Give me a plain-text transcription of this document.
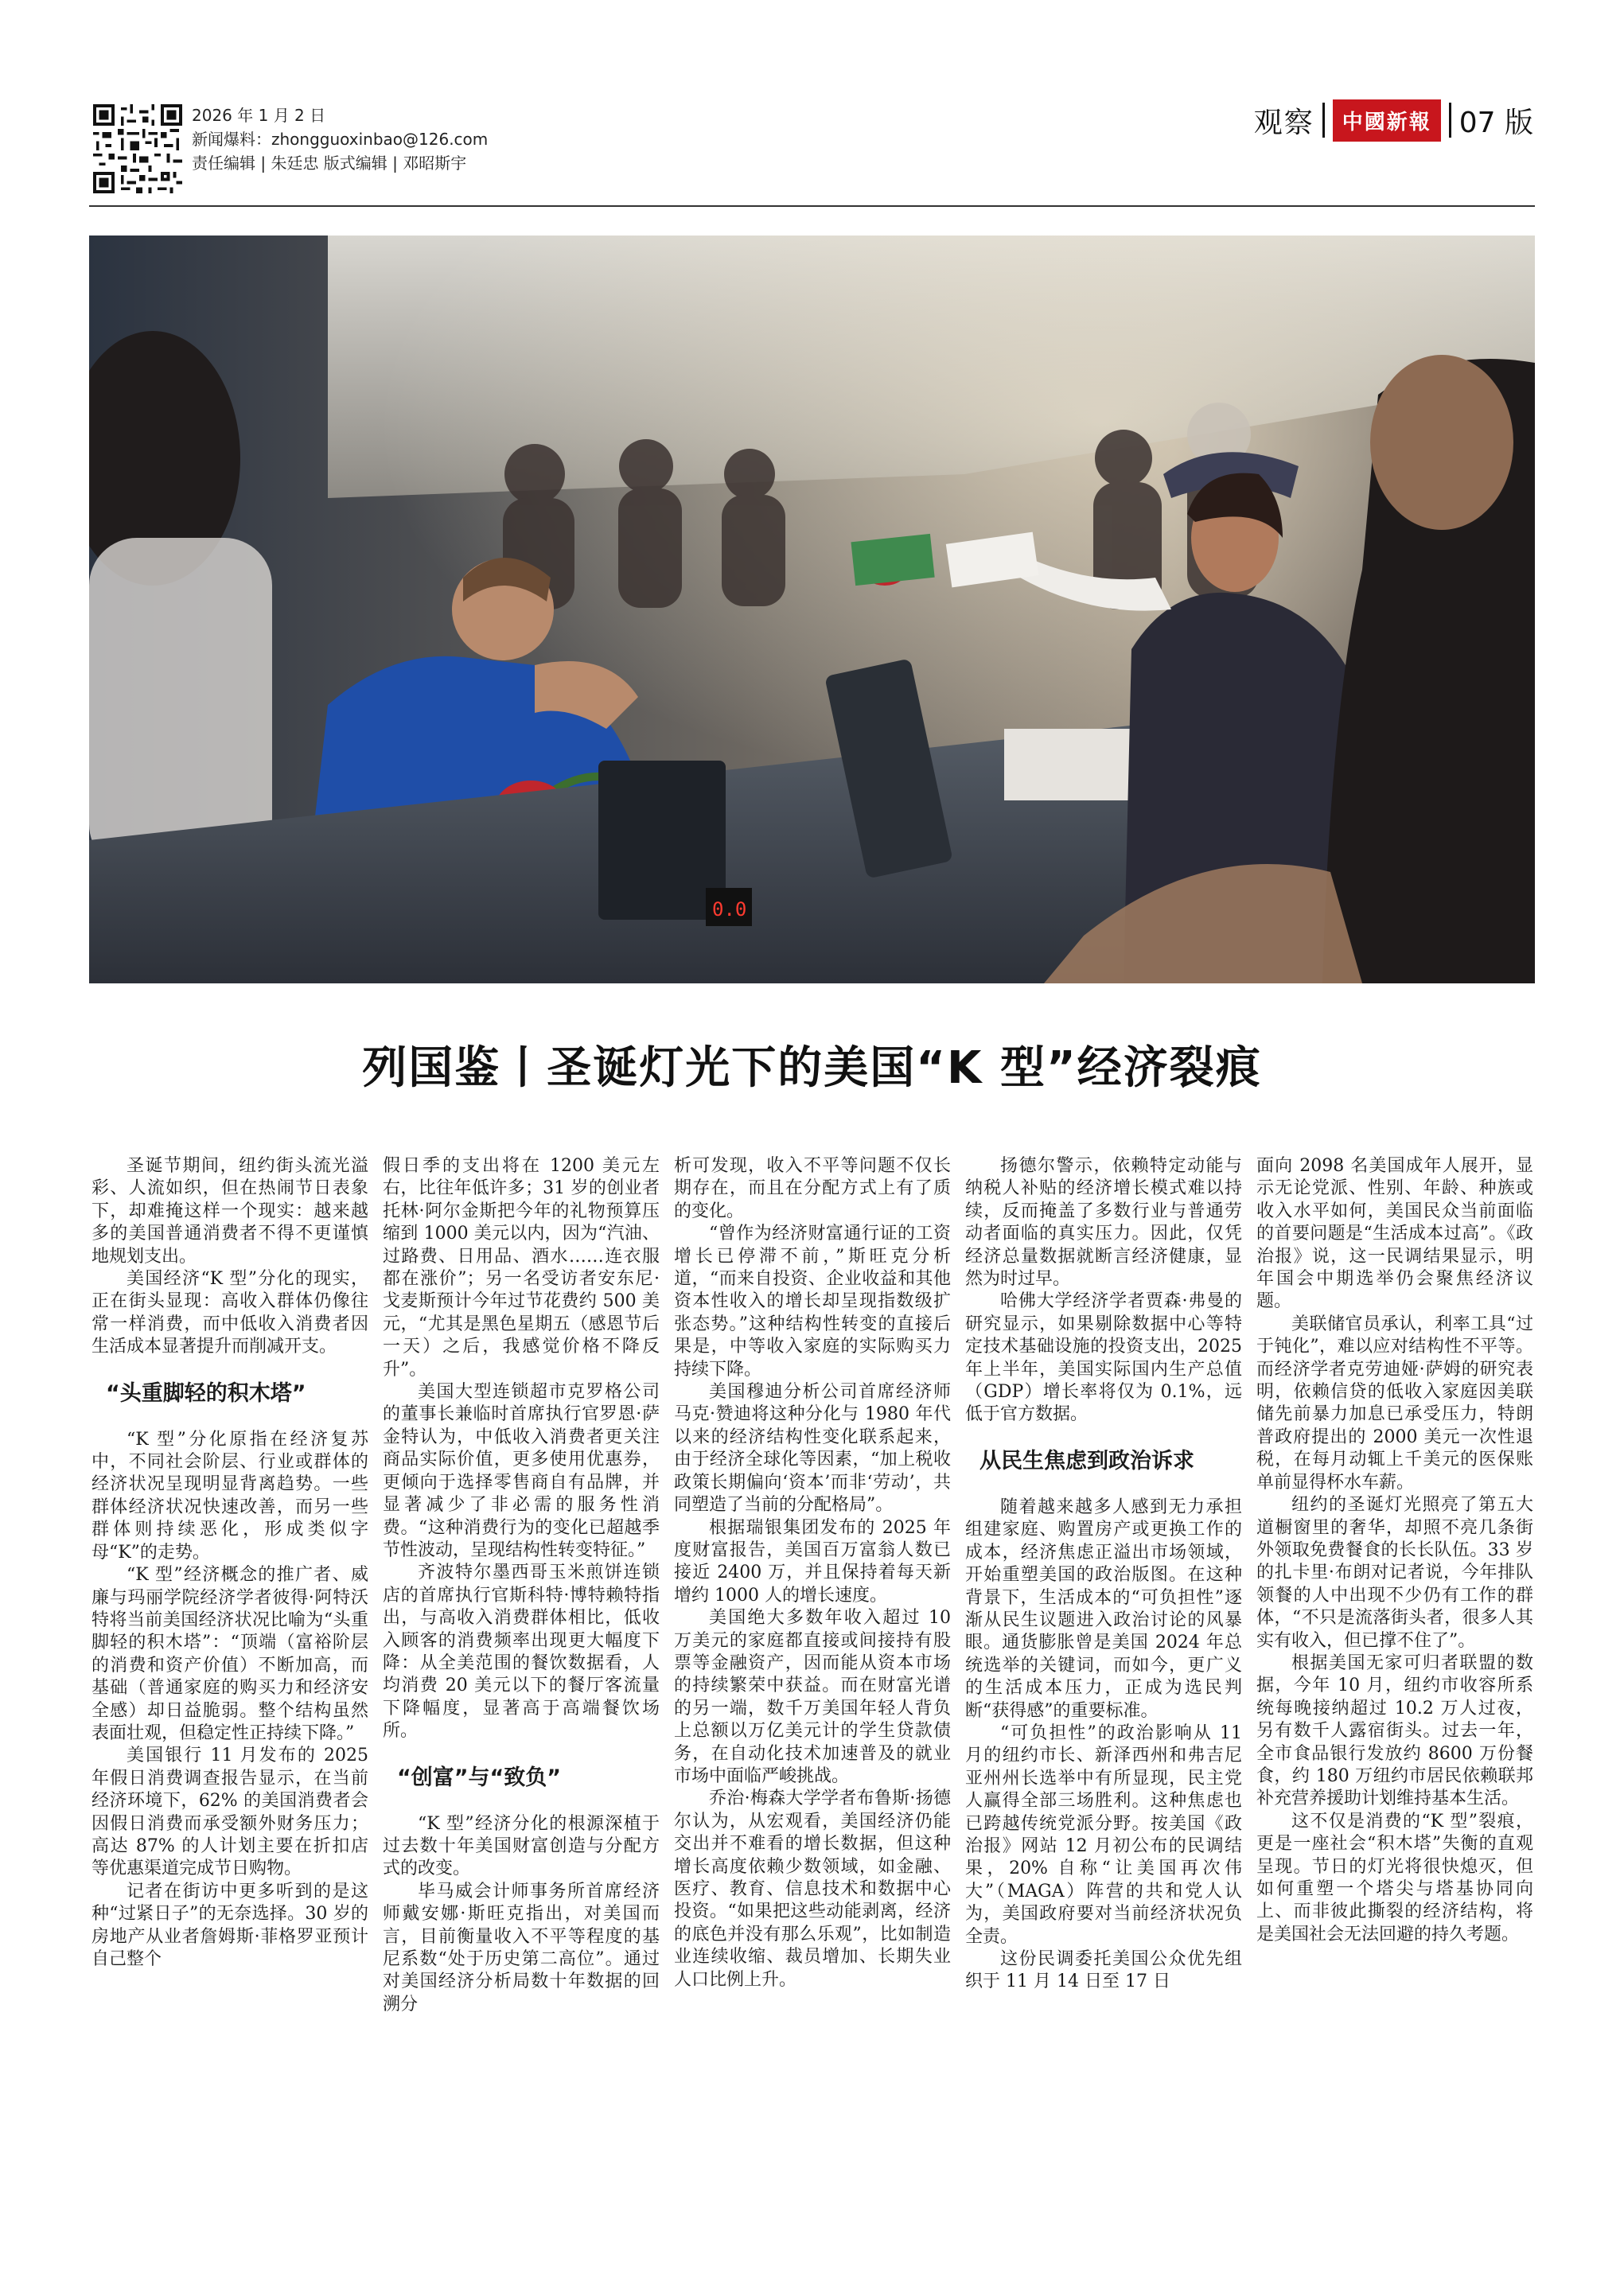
2026 年 1 月 2 日
新闻爆料：zhongguoxinbao@126.com
责任编辑 | 朱廷忠 版式编辑 | 邓昭斯宇
观察	中國新報 07 版
0.0
列国鉴丨圣诞灯光下的美国“K 型”经济裂痕

圣诞节期间，纽约街头流光溢彩、人流如织，但在热闹节日表象下，却难掩这样一个现实：越来越多的美国普通消费者不得不更谨慎地规划支出。

美国经济“K 型”分化的现实，正在街头显现：高收入群体仍像往常一样消费，而中低收入消费者因生活成本显著提升而削减开支。

“头重脚轻的积木塔”

“K 型”分化原指在经济复苏中，不同社会阶层、行业或群体的经济状况呈现明显背离趋势。一些群体经济状况快速改善，而另一些群体则持续恶化，形成类似字母“K”的走势。

“K 型”经济概念的推广者、威廉与玛丽学院经济学者彼得·阿特沃特将当前美国经济状况比喻为“头重脚轻的积木塔”：“顶端（富裕阶层的消费和资产价值）不断加高，而基础（普通家庭的购买力和经济安全感）却日益脆弱。整个结构虽然表面壮观，但稳定性正持续下降。”

美国银行 11 月发布的 2025 年假日消费调查报告显示，在当前经济环境下，62% 的美国消费者会因假日消费而承受额外财务压力；高达 87% 的人计划主要在折扣店等优惠渠道完成节日购物。

记者在街访中更多听到的是这种“过紧日子”的无奈选择。30 岁的房地产从业者詹姆斯·菲格罗亚预计自己整个

假日季的支出将在 1200 美元左右，比往年低许多；31 岁的创业者托林·阿尔金斯把今年的礼物预算压缩到 1000 美元以内，因为“汽油、过路费、日用品、酒水……连衣服都在涨价”；另一名受访者安东尼·戈麦斯预计今年过节花费约 500 美元，“尤其是黑色星期五（感恩节后一天）之后，我感觉价格不降反升”。

美国大型连锁超市克罗格公司的董事长兼临时首席执行官罗恩·萨金特认为，中低收入消费者更关注商品实际价值，更多使用优惠券，更倾向于选择零售商自有品牌，并显著减少了非必需的服务性消费。“这种消费行为的变化已超越季节性波动，呈现结构性转变特征。”

齐波特尔墨西哥玉米煎饼连锁店的首席执行官斯科特·博特赖特指出，与高收入消费群体相比，低收入顾客的消费频率出现更大幅度下降：从全美范围的餐饮数据看，人均消费 20 美元以下的餐厅客流量下降幅度，显著高于高端餐饮场所。

“创富”与“致负”

“K 型”经济分化的根源深植于过去数十年美国财富创造与分配方式的改变。

毕马威会计师事务所首席经济师戴安娜·斯旺克指出，对美国而言，目前衡量收入不平等程度的基尼系数“处于历史第二高位”。通过对美国经济分析局数十年数据的回溯分

析可发现，收入不平等问题不仅长期存在，而且在分配方式上有了质的变化。

“曾作为经济财富通行证的工资增长已停滞不前，”斯旺克分析道，“而来自投资、企业收益和其他资本性收入的增长却呈现指数级扩张态势。”这种结构性转变的直接后果是，中等收入家庭的实际购买力持续下降。

美国穆迪分析公司首席经济师马克·赞迪将这种分化与 1980 年代以来的经济结构性变化联系起来，由于经济全球化等因素，“加上税收政策长期偏向‘资本’而非‘劳动’，共同塑造了当前的分配格局”。

根据瑞银集团发布的 2025 年度财富报告，美国百万富翁人数已接近 2400 万，并且保持着每天新增约 1000 人的增长速度。

美国绝大多数年收入超过 10 万美元的家庭都直接或间接持有股票等金融资产，因而能从资本市场的持续繁荣中获益。而在财富光谱的另一端，数千万美国年轻人背负上总额以万亿美元计的学生贷款债务，在自动化技术加速普及的就业市场中面临严峻挑战。

乔治·梅森大学学者布鲁斯·扬德尔认为，从宏观看，美国经济仍能交出并不难看的增长数据，但这种增长高度依赖少数领域，如金融、医疗、教育、信息技术和数据中心投资。“如果把这些动能剥离，经济的底色并没有那么乐观”，比如制造业连续收缩、裁员增加、长期失业人口比例上升。

扬德尔警示，依赖特定动能与纳税人补贴的经济增长模式难以持续，反而掩盖了多数行业与普通劳动者面临的真实压力。因此，仅凭经济总量数据就断言经济健康，显然为时过早。

哈佛大学经济学者贾森·弗曼的研究显示，如果剔除数据中心等特定技术基础设施的投资支出，2025 年上半年，美国实际国内生产总值（GDP）增长率将仅为 0.1%，远低于官方数据。

从民生焦虑到政治诉求

随着越来越多人感到无力承担组建家庭、购置房产或更换工作的成本，经济焦虑正溢出市场领域，开始重塑美国的政治版图。在这种背景下，生活成本的“可负担性”逐渐从民生议题进入政治讨论的风暴眼。通货膨胀曾是美国 2024 年总统选举的关键词，而如今，更广义的生活成本压力，正成为选民判断“获得感”的重要标准。

“可负担性”的政治影响从 11 月的纽约市长、新泽西州和弗吉尼亚州州长选举中有所显现，民主党人赢得全部三场胜利。这种焦虑也已跨越传统党派分野。按美国《政治报》网站 12 月初公布的民调结果，20% 自称“让美国再次伟大”（MAGA）阵营的共和党人认为，美国政府要对当前经济状况负全责。

这份民调委托美国公众优先组织于 11 月 14 日至 17 日

面向 2098 名美国成年人展开，显示无论党派、性别、年龄、种族或收入水平如何，美国民众当前面临的首要问题是“生活成本过高”。《政治报》说，这一民调结果显示，明年国会中期选举仍会聚焦经济议题。

美联储官员承认，利率工具“过于钝化”，难以应对结构性不平等。而经济学者克劳迪娅·萨姆的研究表明，依赖信贷的低收入家庭因美联储先前暴力加息已承受压力，特朗普政府提出的 2000 美元一次性退税，在每月动辄上千美元的医保账单前显得杯水车薪。

纽约的圣诞灯光照亮了第五大道橱窗里的奢华，却照不亮几条街外领取免费餐食的长长队伍。33 岁的扎卡里·布朗对记者说，今年排队领餐的人中出现不少仍有工作的群体，“不只是流落街头者，很多人其实有收入，但已撑不住了”。

根据美国无家可归者联盟的数据，今年 10 月，纽约市收容所系统每晚接纳超过 10.2 万人过夜，另有数千人露宿街头。过去一年，全市食品银行发放约 8600 万份餐食，约 180 万纽约市居民依赖联邦补充营养援助计划维持基本生活。

这不仅是消费的“K 型”裂痕，更是一座社会“积木塔”失衡的直观呈现。节日的灯光将很快熄灭，但如何重塑一个塔尖与塔基协同向上、而非彼此撕裂的经济结构，将是美国社会无法回避的持久考题。
